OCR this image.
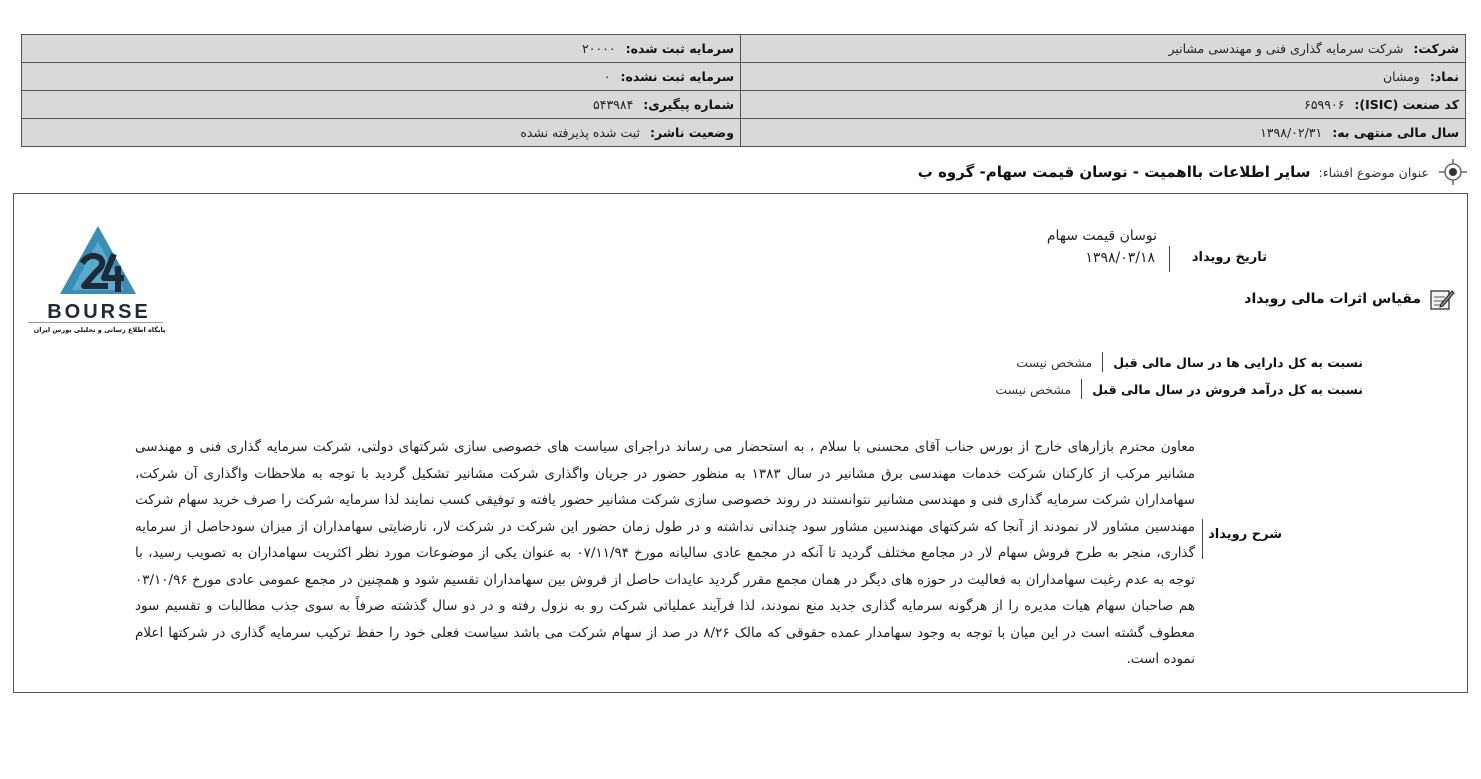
شرکت: شرکت سرمایه گذاری فنی و مهندسی مشانیر	سرمایه ثبت شده: ۲۰۰۰۰
نماد: ومشان	سرمایه ثبت نشده: ۰
کد صنعت (ISIC): ۶۵۹۹۰۶	شماره پیگیری: ۵۴۳۹۸۴
سال مالی منتهی به: ۱۳۹۸/۰۲/۳۱	وضعیت ناشر: ثبت شده پذیرفته نشده
عنوان موضوع افشاء:
سایر اطلاعات بااهمیت - نوسان قیمت سهام- گروه ب
BOURSE
پایگاه اطلاع رسانی و تحلیلی بورس ایران
تاریخ رویداد
نوسان قیمت سهام
۱۳۹۸/۰۳/۱۸
مقیاس اثرات مالی رویداد
نسبت به کل دارایی ها در سال مالی قبل
مشخص نیست
نسبت به کل درآمد فروش در سال مالی قبل
مشخص نیست
شرح رویداد
معاون محترم بازارهای خارج از بورس جناب آقای محسنی با سلام ، به استحضار می رساند دراجرای سیاست های خصوصی سازی شرکتهای دولتی، شرکت سرمایه گذاری فنی و مهندسی مشانیر مرکب از کارکنان شرکت خدمات مهندسی برق مشانیر در سال ۱۳۸۳ به منظور حضور در جریان واگذاری شرکت مشانیر تشکیل گردید با توجه به ملاحظات واگذاری آن شرکت، سهامداران شرکت سرمایه گذاری فنی و مهندسی مشانیر نتوانستند در روند خصوصی سازی شرکت مشانیر حضور یافته و توفیقی کسب نمایند لذا سرمایه شرکت را صرف خرید سهام شرکت مهندسین مشاور لار نمودند از آنجا که شرکتهای مهندسین مشاور سود چندانی نداشته و در طول زمان حضور این شرکت در شرکت لار، نارضایتی سهامداران از میزان سودحاصل از سرمایه گذاری، منجر به طرح فروش سهام لار در مجامع مختلف گردید تا آنکه در مجمع عادی سالیانه مورخ ۰۷/۱۱/۹۴ به عنوان یکی از موضوعات مورد نظر اکثریت سهامداران به تصویب رسید، با توجه به عدم رغبت سهامداران به فعالیت در حوزه های دیگر در همان مجمع مقرر گردید عایدات حاصل از فروش بین سهامداران تقسیم شود و همچنین در مجمع عمومی عادی مورخ ۰۳/۱۰/۹۶ هم صاحبان سهام هیات مدیره را از هرگونه سرمایه گذاری جدید منع نمودند، لذا فرآیند عملیاتی شرکت رو به نزول رفته و در دو سال گذشته صرفاً به سوی جذب مطالبات و تقسیم سود معطوف گشته است در این میان با توجه به وجود سهامدار عمده حقوقی که مالک ۸/۲۶ در صد از سهام شرکت می باشد سیاست فعلی خود را حفظ ترکیب سرمایه گذاری در شرکتها اعلام نموده است.
